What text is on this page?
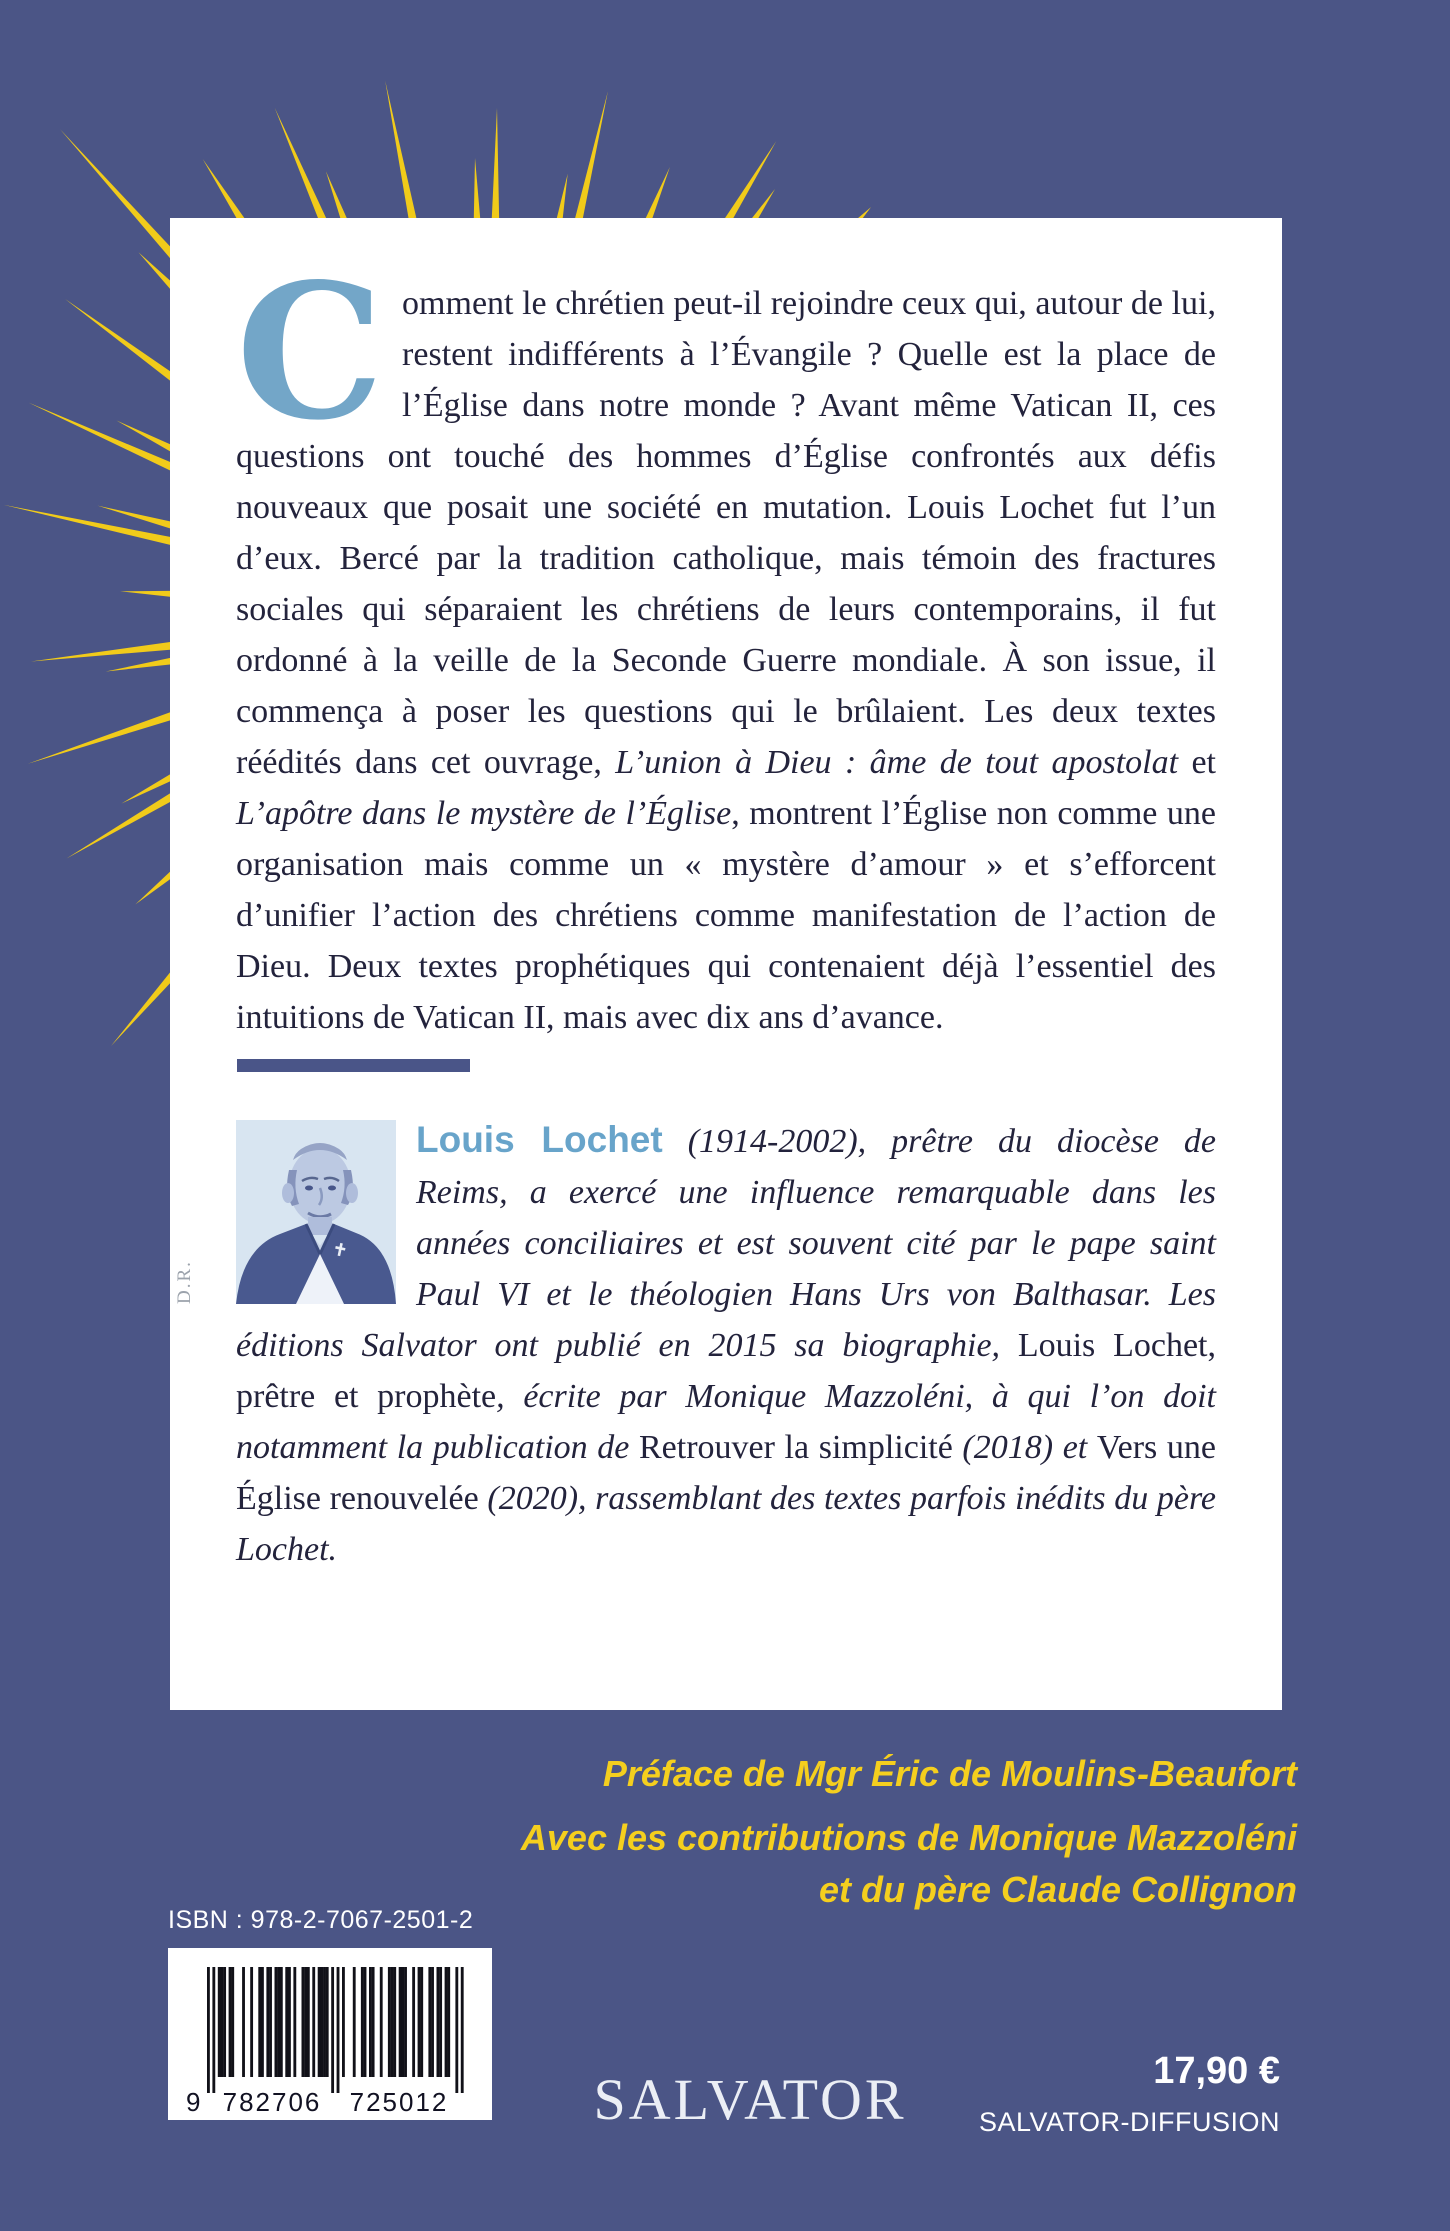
Comment le chrétien peut-il rejoindre ceux qui, autour de lui, restent indifférents à l’Évangile ? Quelle est la place de l’Église dans notre monde ? Avant même Vatican II, ces questions ont touché des hommes d’Église confrontés aux défis nouveaux que posait une société en mutation. Louis Lochet fut l’un d’eux. Bercé par la tradition catholique, mais témoin des fractures sociales qui séparaient les chrétiens de leurs contemporains, il fut ordonné à la veille de la Seconde Guerre mondiale. À son issue, il commença à poser les questions qui le brûlaient. Les deux textes réédités dans cet ouvrage, L’union à Dieu : âme de tout apostolat et L’apôtre dans le mystère de l’Église, montrent l’Église non comme une organisation mais comme un « mystère d’amour » et s’efforcent d’unifier l’action des chrétiens comme manifestation de l’action de Dieu. Deux textes prophétiques qui contenaient déjà l’essentiel des intuitions de Vatican II, mais avec dix ans d’avance.

D.R.
Louis Lochet (1914-2002), prêtre du diocèse de Reims, a exercé une influence remarquable dans les années conciliaires et est souvent cité par le pape saint Paul VI et le théologien Hans Urs von Balthasar. Les éditions Salvator ont publié en 2015 sa biographie, Louis Lochet, prêtre et prophète, écrite par Monique Mazzoléni, à qui l’on doit notamment la publication de Retrouver la simplicité (2018) et Vers une Église renouvelée (2020), rassemblant des textes parfois inédits du père Lochet.
Préface de Mgr Éric de Moulins-Beaufort
Avec les contributions de Monique Mazzoléni
et du père Claude Collignon
ISBN : 978-2-7067-2501-2
9 782706 725012	SALVATOR	17,90 €
SALVATOR-DIFFUSION
